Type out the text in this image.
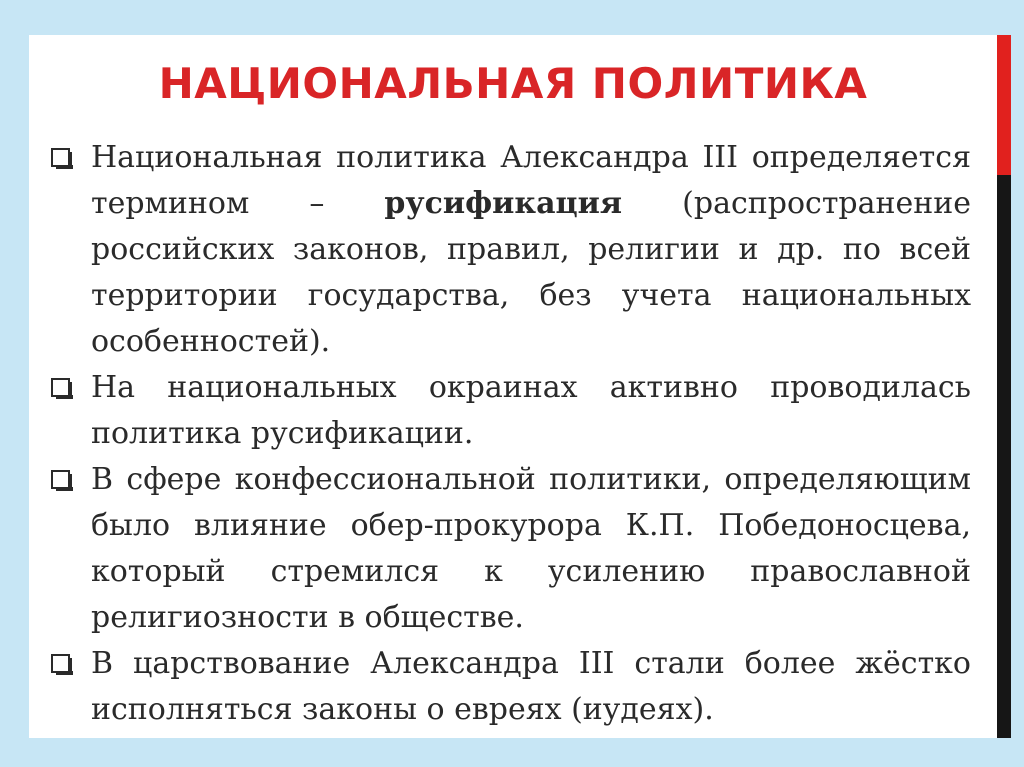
НАЦИОНАЛЬНАЯ ПОЛИТИКА
Национальная политика Александра III определяется термином – русификация (распространение российских законов, правил, религии и др. по всей территории государства, без учета национальных особенностей).
На национальных окраинах активно проводилась политика русификации.
В сфере конфессиональной политики, определяющим было влияние обер-прокурора К.П. Победоносцева, который стремился к усилению православной религиозности в обществе.
В царствование Александра III стали более жёстко исполняться законы о евреях (иудеях).
